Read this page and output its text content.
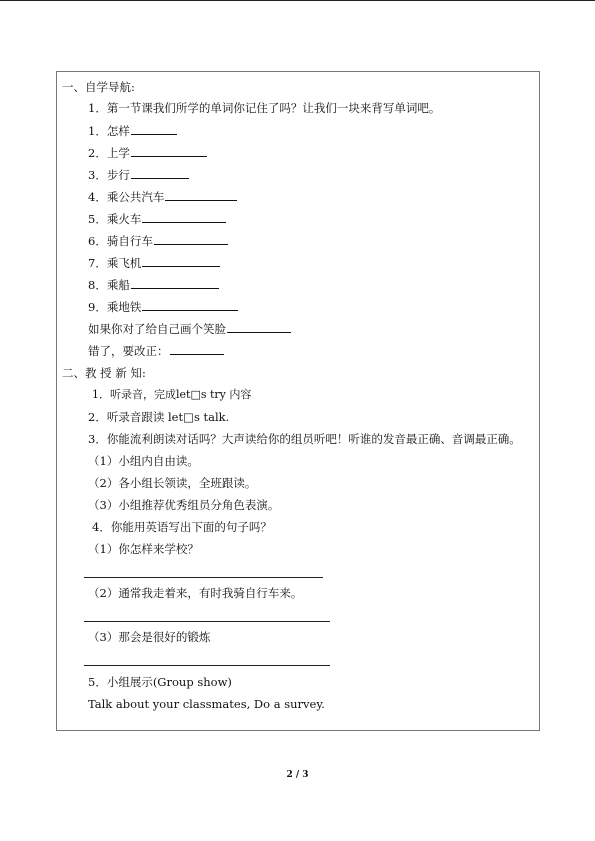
一、自学导航:
1．第一节课我们所学的单词你记住了吗？让我们一块来背写单词吧。
1．怎样
2．上学
3．步行
4．乘公共汽车
5．乘火车
6．骑自行车
7．乘飞机
8．乘船
9．乘地铁
如果你对了给自己画个笑脸
错了，要改正：
二、教 授 新 知:
1．听录音，完成let□s try 内容
2．听录音跟读 let□s talk.
3．你能流利朗读对话吗？大声读给你的组员听吧！听谁的发音最正确、音调最正确。
（1）小组内自由读。
（2）各小组长领读，全班跟读。
（3）小组推荐优秀组员分角色表演。
4．你能用英语写出下面的句子吗？
（1）你怎样来学校？
（2）通常我走着来，有时我骑自行车来。
（3）那会是很好的锻炼
5．小组展示(Group show)
Talk about your classmates, Do a survey.
2 / 3
